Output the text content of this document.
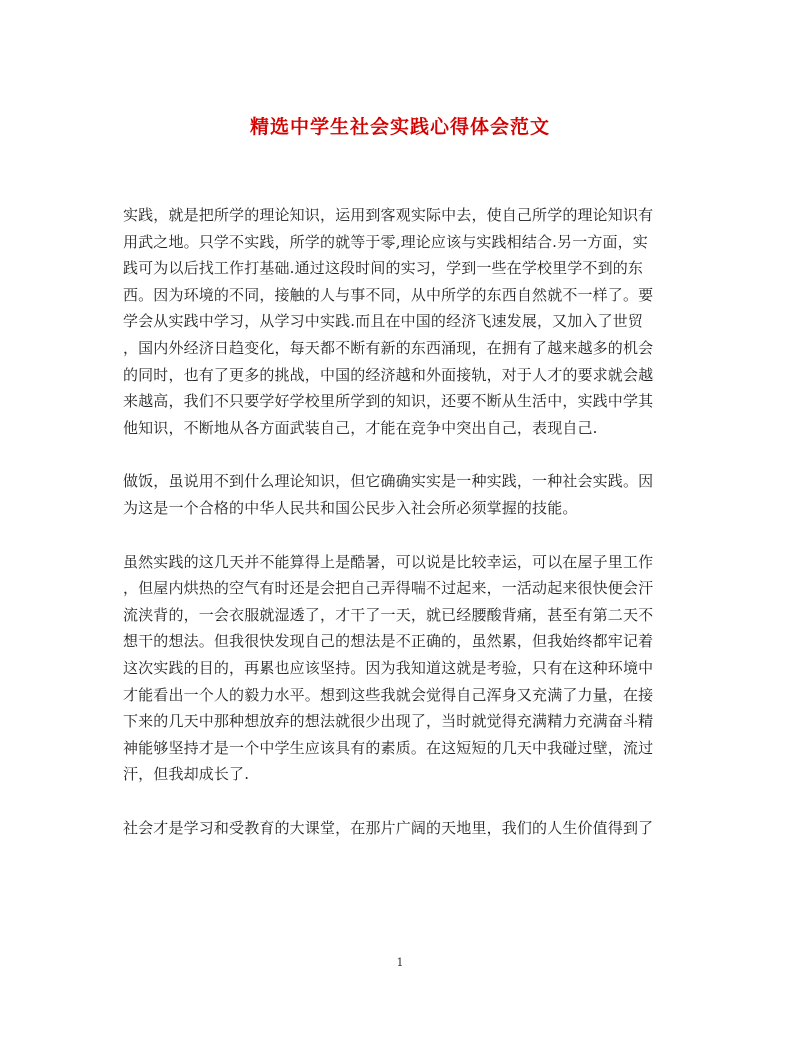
精选中学生社会实践心得体会范文
实践，就是把所学的理论知识，运用到客观实际中去，使自己所学的理论知识有
用武之地。只学不实践，所学的就等于零,理论应该与实践相结合.另一方面，实
践可为以后找工作打基础.通过这段时间的实习，学到一些在学校里学不到的东
西。因为环境的不同，接触的人与事不同，从中所学的东西自然就不一样了。要
学会从实践中学习，从学习中实践.而且在中国的经济飞速发展，又加入了世贸
，国内外经济日趋变化，每天都不断有新的东西涌现，在拥有了越来越多的机会
的同时，也有了更多的挑战，中国的经济越和外面接轨，对于人才的要求就会越
来越高，我们不只要学好学校里所学到的知识，还要不断从生活中，实践中学其
他知识，不断地从各方面武装自己，才能在竞争中突出自己，表现自己.
做饭，虽说用不到什么理论知识，但它确确实实是一种实践，一种社会实践。因
为这是一个合格的中华人民共和国公民步入社会所必须掌握的技能。
虽然实践的这几天并不能算得上是酷暑，可以说是比较幸运，可以在屋子里工作
，但屋内烘热的空气有时还是会把自己弄得喘不过起来，一活动起来很快便会汗
流浃背的，一会衣服就湿透了，才干了一天，就已经腰酸背痛，甚至有第二天不
想干的想法。但我很快发现自己的想法是不正确的，虽然累，但我始终都牢记着
这次实践的目的，再累也应该坚持。因为我知道这就是考验，只有在这种环境中
才能看出一个人的毅力水平。想到这些我就会觉得自己浑身又充满了力量，在接
下来的几天中那种想放弃的想法就很少出现了，当时就觉得充满精力充满奋斗精
神能够坚持才是一个中学生应该具有的素质。在这短短的几天中我碰过壁，流过
汗，但我却成长了.
社会才是学习和受教育的大课堂，在那片广阔的天地里，我们的人生价值得到了
1
